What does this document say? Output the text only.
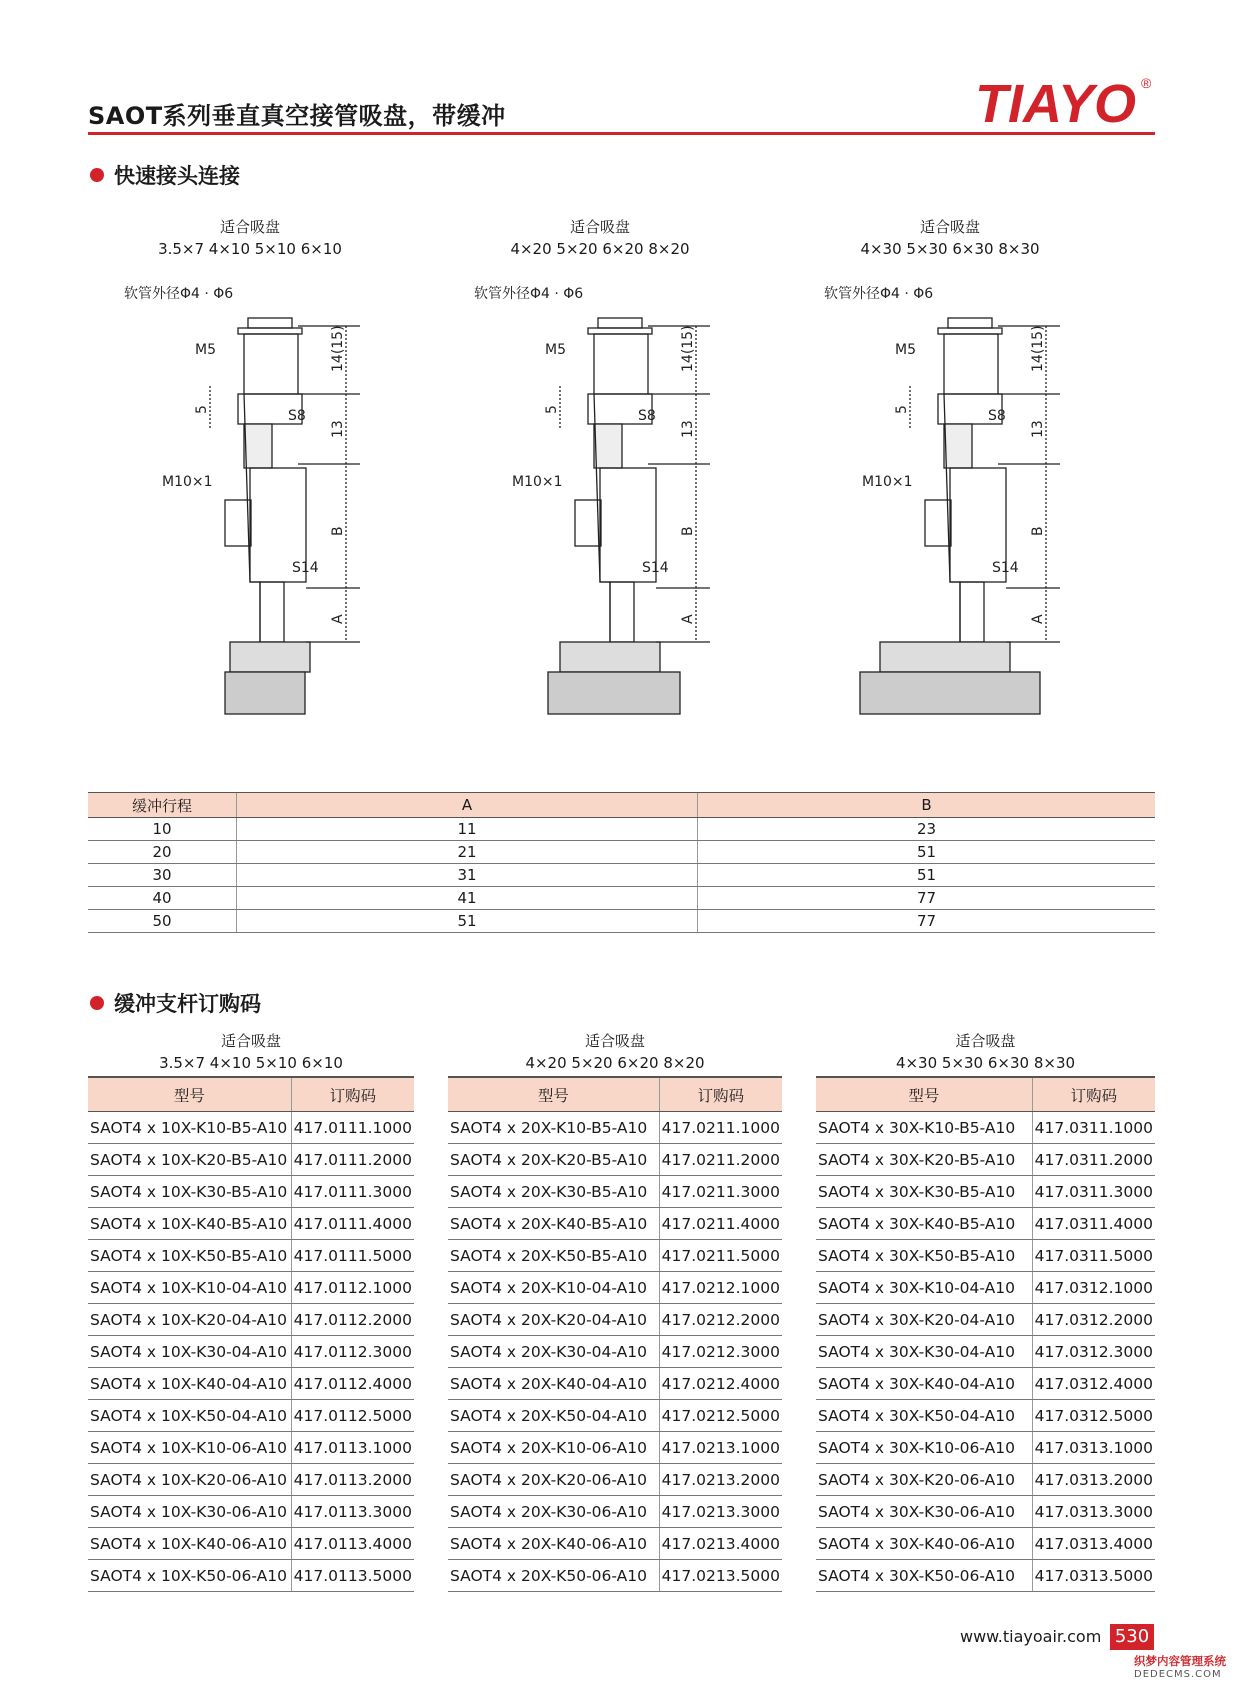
SAOT系列垂直真空接管吸盘，带缓冲	TIAYO ®
快速接头连接
适合吸盘
3.5×7 4×10 5×10 6×10
适合吸盘
4×20 5×20 6×20 8×20
适合吸盘
4×30 5×30 6×30 8×30
软管外径Φ4 · Φ6
M5	14(15)
5	S8
13
M10×1
B
S14
A
软管外径Φ4 · Φ6
M5	14(15)
5	S8
13
M10×1
B
S14
A
软管外径Φ4 · Φ6
M5	14(15)
5	S8
13
M10×1
B
S14
A
缓冲行程	A	B
10	11	23
20	21	51
30	31	51
40	41	77
50	51	77
缓冲支杆订购码
适合吸盘
3.5×7 4×10 5×10 6×10
适合吸盘
4×20 5×20 6×20 8×20
适合吸盘
4×30 5×30 6×30 8×30
型号	订购码
SAOT4 x 10X-K10-B5-A10	417.0111.1000
SAOT4 x 10X-K20-B5-A10	417.0111.2000
SAOT4 x 10X-K30-B5-A10	417.0111.3000
SAOT4 x 10X-K40-B5-A10	417.0111.4000
SAOT4 x 10X-K50-B5-A10	417.0111.5000
SAOT4 x 10X-K10-04-A10	417.0112.1000
SAOT4 x 10X-K20-04-A10	417.0112.2000
SAOT4 x 10X-K30-04-A10	417.0112.3000
SAOT4 x 10X-K40-04-A10	417.0112.4000
SAOT4 x 10X-K50-04-A10	417.0112.5000
SAOT4 x 10X-K10-06-A10	417.0113.1000
SAOT4 x 10X-K20-06-A10	417.0113.2000
SAOT4 x 10X-K30-06-A10	417.0113.3000
SAOT4 x 10X-K40-06-A10	417.0113.4000
SAOT4 x 10X-K50-06-A10	417.0113.5000
型号	订购码
SAOT4 x 20X-K10-B5-A10	417.0211.1000
SAOT4 x 20X-K20-B5-A10	417.0211.2000
SAOT4 x 20X-K30-B5-A10	417.0211.3000
SAOT4 x 20X-K40-B5-A10	417.0211.4000
SAOT4 x 20X-K50-B5-A10	417.0211.5000
SAOT4 x 20X-K10-04-A10	417.0212.1000
SAOT4 x 20X-K20-04-A10	417.0212.2000
SAOT4 x 20X-K30-04-A10	417.0212.3000
SAOT4 x 20X-K40-04-A10	417.0212.4000
SAOT4 x 20X-K50-04-A10	417.0212.5000
SAOT4 x 20X-K10-06-A10	417.0213.1000
SAOT4 x 20X-K20-06-A10	417.0213.2000
SAOT4 x 20X-K30-06-A10	417.0213.3000
SAOT4 x 20X-K40-06-A10	417.0213.4000
SAOT4 x 20X-K50-06-A10	417.0213.5000
型号	订购码
SAOT4 x 30X-K10-B5-A10	417.0311.1000
SAOT4 x 30X-K20-B5-A10	417.0311.2000
SAOT4 x 30X-K30-B5-A10	417.0311.3000
SAOT4 x 30X-K40-B5-A10	417.0311.4000
SAOT4 x 30X-K50-B5-A10	417.0311.5000
SAOT4 x 30X-K10-04-A10	417.0312.1000
SAOT4 x 30X-K20-04-A10	417.0312.2000
SAOT4 x 30X-K30-04-A10	417.0312.3000
SAOT4 x 30X-K40-04-A10	417.0312.4000
SAOT4 x 30X-K50-04-A10	417.0312.5000
SAOT4 x 30X-K10-06-A10	417.0313.1000
SAOT4 x 30X-K20-06-A10	417.0313.2000
SAOT4 x 30X-K30-06-A10	417.0313.3000
SAOT4 x 30X-K40-06-A10	417.0313.4000
SAOT4 x 30X-K50-06-A10	417.0313.5000
www.tiayoair.com 530
织梦内容管理系统
DEDECMS.COM
